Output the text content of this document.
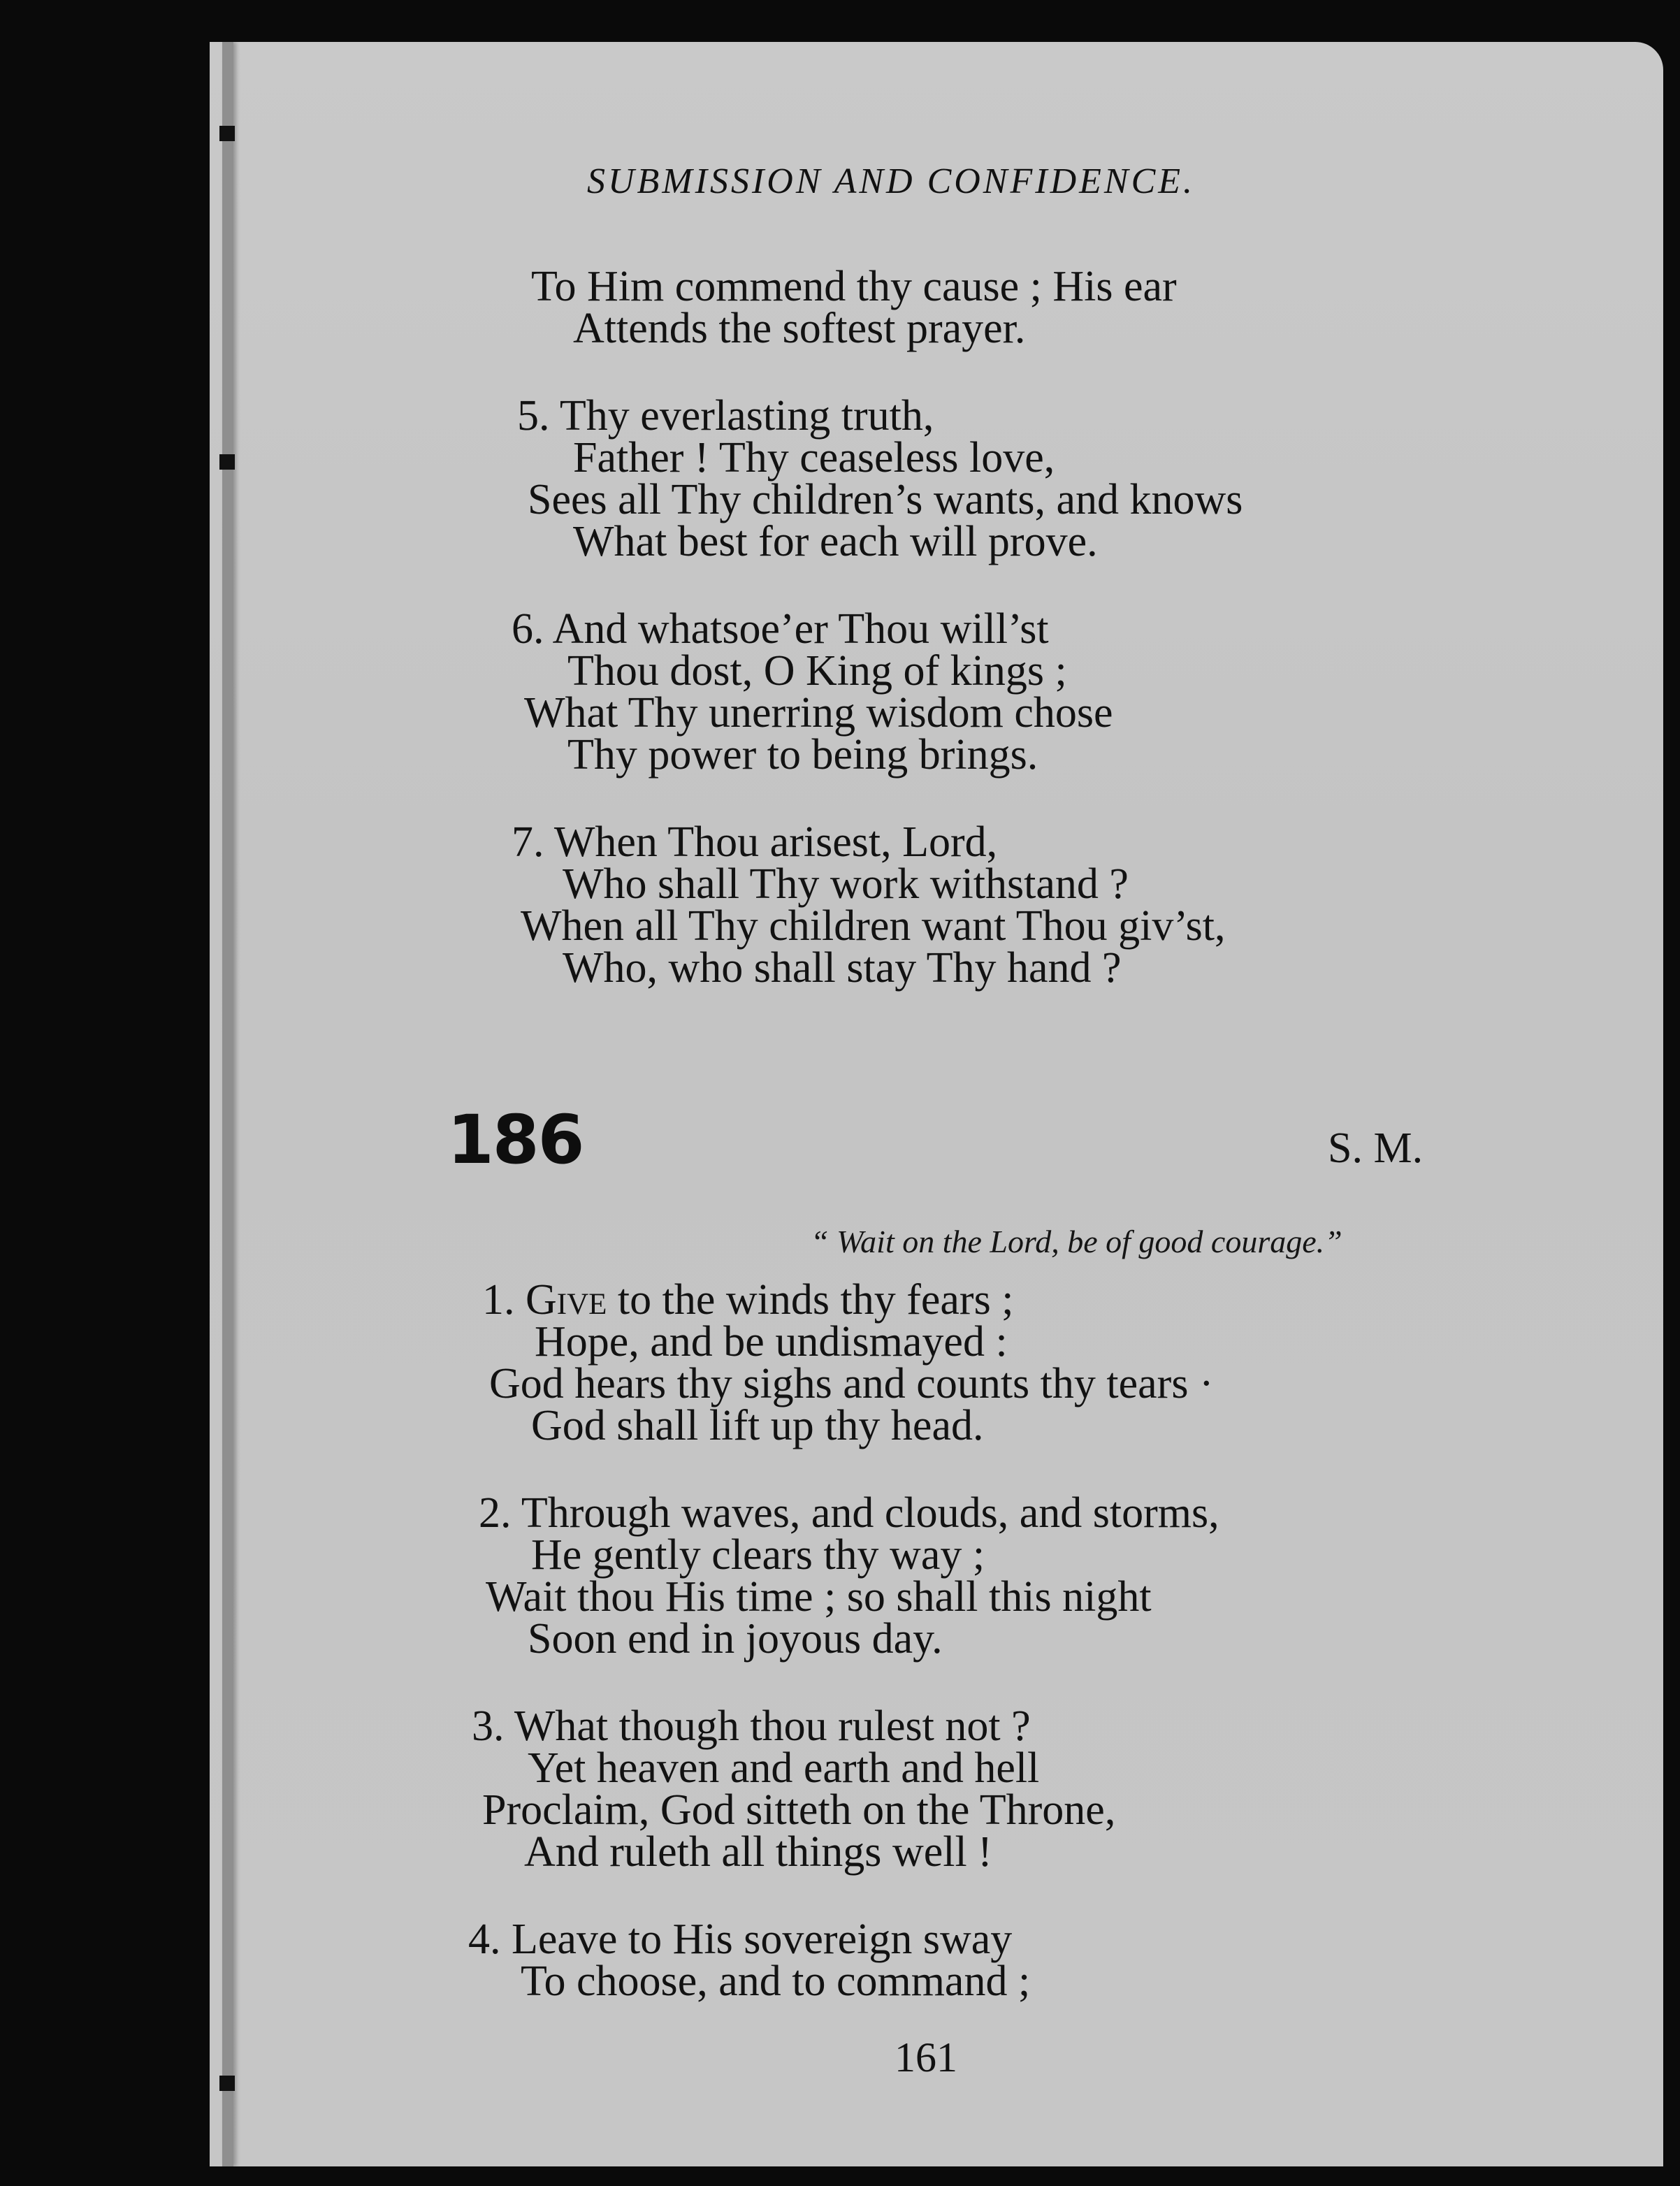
SUBMISSION AND CONFIDENCE.
To Him commend thy cause ; His ear
Attends the softest prayer.
5. Thy everlasting truth,
Father ! Thy ceaseless love,
Sees all Thy children’s wants, and knows
What best for each will prove.
6. And whatsoe’er Thou will’st
Thou dost, O King of kings ;
What Thy unerring wisdom chose
Thy power to being brings.
7. When Thou arisest, Lord,
Who shall Thy work withstand ?
When all Thy children want Thou giv’st,
Who, who shall stay Thy hand ?
186	S. M.
“ Wait on the Lord, be of good courage.”
1. Give to the winds thy fears ;
Hope, and be undismayed :
God hears thy sighs and counts thy tears ·
God shall lift up thy head.
2. Through waves, and clouds, and storms,
He gently clears thy way ;
Wait thou His time ; so shall this night
Soon end in joyous day.
3. What though thou rulest not ?
Yet heaven and earth and hell
Proclaim, God sitteth on the Throne,
And ruleth all things well !
4. Leave to His sovereign sway
To choose, and to command ;
161
